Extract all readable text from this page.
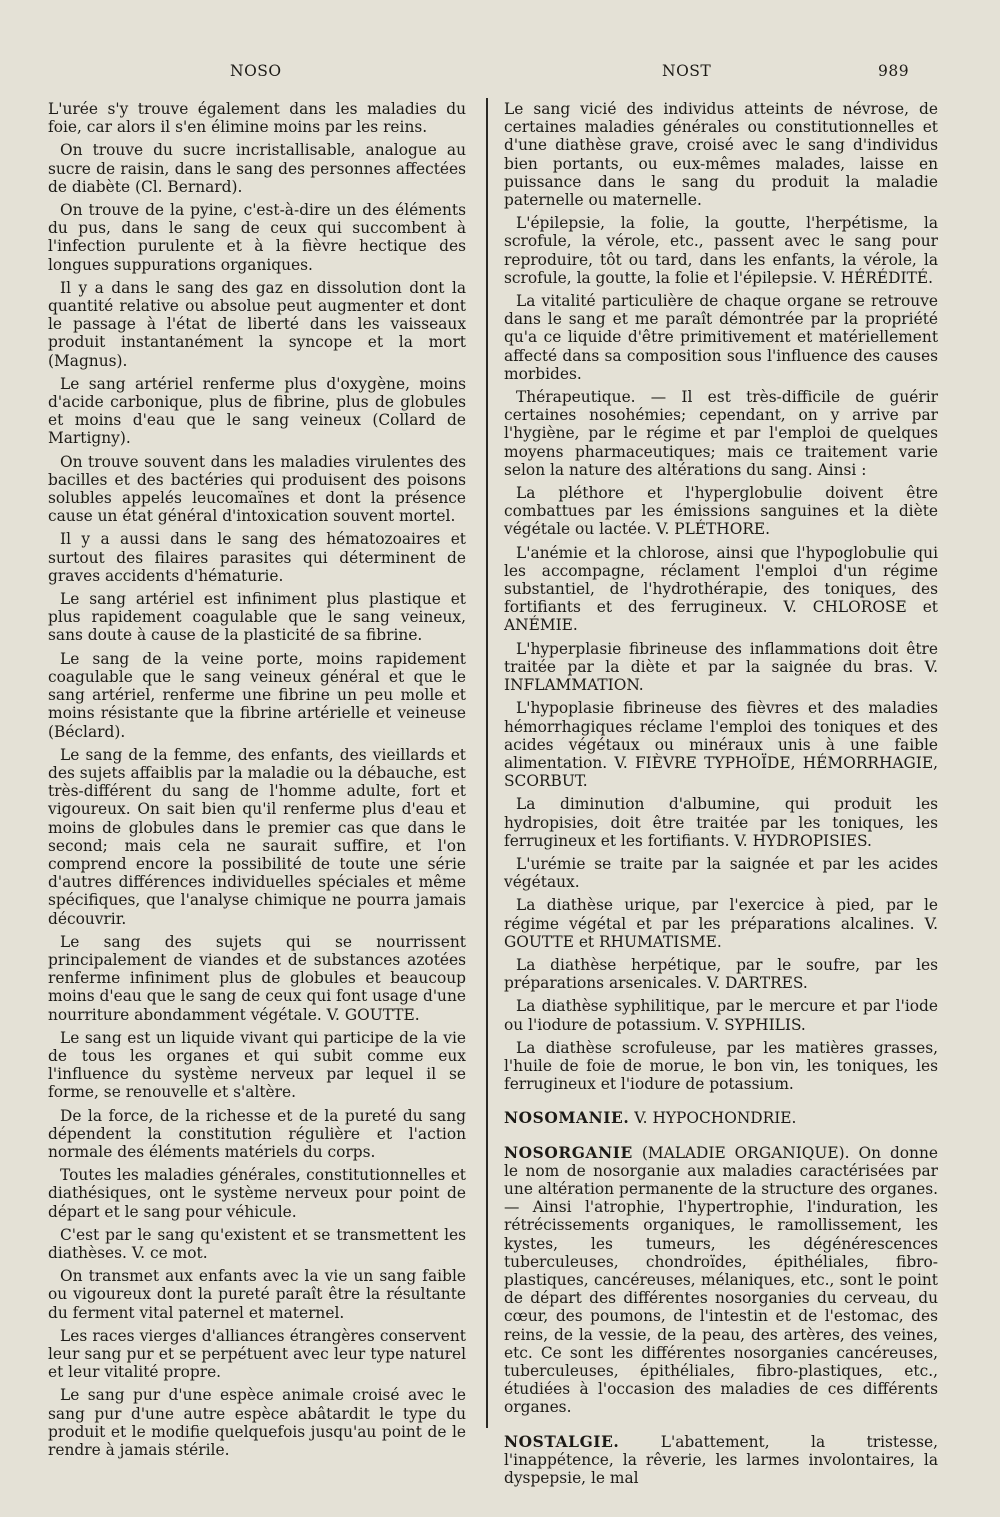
NOSO	NOST	989

L'urée s'y trouve également dans les maladies du foie, car alors il s'en élimine moins par les reins.

On trouve du sucre incristallisable, analogue au sucre de raisin, dans le sang des personnes affectées de diabète (Cl. Bernard).

On trouve de la pyine, c'est-à-dire un des éléments du pus, dans le sang de ceux qui succombent à l'infection purulente et à la fièvre hectique des longues suppurations organiques.

Il y a dans le sang des gaz en dissolution dont la quantité relative ou absolue peut augmenter et dont le passage à l'état de liberté dans les vaisseaux produit instantanément la syncope et la mort (Magnus).

Le sang artériel renferme plus d'oxygène, moins d'acide carbonique, plus de fibrine, plus de globules et moins d'eau que le sang veineux (Collard de Martigny).

On trouve souvent dans les maladies virulentes des bacilles et des bactéries qui produisent des poisons solubles appelés leucomaïnes et dont la présence cause un état général d'intoxication souvent mortel.

Il y a aussi dans le sang des hématozoaires et surtout des filaires parasites qui déterminent de graves accidents d'hématurie.

Le sang artériel est infiniment plus plastique et plus rapidement coagulable que le sang veineux, sans doute à cause de la plasticité de sa fibrine.

Le sang de la veine porte, moins rapidement coagulable que le sang veineux général et que le sang artériel, renferme une fibrine un peu molle et moins résistante que la fibrine artérielle et veineuse (Béclard).

Le sang de la femme, des enfants, des vieillards et des sujets affaiblis par la maladie ou la débauche, est très-différent du sang de l'homme adulte, fort et vigoureux. On sait bien qu'il renferme plus d'eau et moins de globules dans le premier cas que dans le second; mais cela ne saurait suffire, et l'on comprend encore la possibilité de toute une série d'autres différences individuelles spéciales et même spécifiques, que l'analyse chimique ne pourra jamais découvrir.

Le sang des sujets qui se nourrissent principalement de viandes et de substances azotées renferme infiniment plus de globules et beaucoup moins d'eau que le sang de ceux qui font usage d'une nourriture abondamment végétale. V. GOUTTE.

Le sang est un liquide vivant qui participe de la vie de tous les organes et qui subit comme eux l'influence du système nerveux par lequel il se forme, se renouvelle et s'altère.

De la force, de la richesse et de la pureté du sang dépendent la constitution régulière et l'action normale des éléments matériels du corps.

Toutes les maladies générales, constitutionnelles et diathésiques, ont le système nerveux pour point de départ et le sang pour véhicule.

C'est par le sang qu'existent et se transmettent les diathèses. V. ce mot.

On transmet aux enfants avec la vie un sang faible ou vigoureux dont la pureté paraît être la résultante du ferment vital paternel et maternel.

Les races vierges d'alliances étrangères conservent leur sang pur et se perpétuent avec leur type naturel et leur vitalité propre.

Le sang pur d'une espèce animale croisé avec le sang pur d'une autre espèce abâtardit le type du produit et le modifie quelquefois jusqu'au point de le rendre à jamais stérile.

Le sang vicié des individus atteints de névrose, de certaines maladies générales ou constitutionnelles et d'une diathèse grave, croisé avec le sang d'individus bien portants, ou eux-mêmes malades, laisse en puissance dans le sang du produit la maladie paternelle ou maternelle.

L'épilepsie, la folie, la goutte, l'herpétisme, la scrofule, la vérole, etc., passent avec le sang pour reproduire, tôt ou tard, dans les enfants, la vérole, la scrofule, la goutte, la folie et l'épilepsie. V. HÉRÉDITÉ.

La vitalité particulière de chaque organe se retrouve dans le sang et me paraît démontrée par la propriété qu'a ce liquide d'être primitivement et matériellement affecté dans sa composition sous l'influence des causes morbides.

Thérapeutique. — Il est très-difficile de guérir certaines nosohémies; cependant, on y arrive par l'hygiène, par le régime et par l'emploi de quelques moyens pharmaceutiques; mais ce traitement varie selon la nature des altérations du sang. Ainsi :

La pléthore et l'hyperglobulie doivent être combattues par les émissions sanguines et la diète végétale ou lactée. V. PLÉTHORE.

L'anémie et la chlorose, ainsi que l'hypoglobulie qui les accompagne, réclament l'emploi d'un régime substantiel, de l'hydrothérapie, des toniques, des fortifiants et des ferrugineux. V. CHLOROSE et ANÉMIE.

L'hyperplasie fibrineuse des inflammations doit être traitée par la diète et par la saignée du bras. V. INFLAMMATION.

L'hypoplasie fibrineuse des fièvres et des maladies hémorrhagiques réclame l'emploi des toniques et des acides végétaux ou minéraux unis à une faible alimentation. V. FIÈVRE TYPHOÏDE, HÉMORRHAGIE, SCORBUT.

La diminution d'albumine, qui produit les hydropisies, doit être traitée par les toniques, les ferrugineux et les fortifiants. V. HYDROPISIES.

L'urémie se traite par la saignée et par les acides végétaux.

La diathèse urique, par l'exercice à pied, par le régime végétal et par les préparations alcalines. V. GOUTTE et RHUMATISME.

La diathèse herpétique, par le soufre, par les préparations arsenicales. V. DARTRES.

La diathèse syphilitique, par le mercure et par l'iode ou l'iodure de potassium. V. SYPHILIS.

La diathèse scrofuleuse, par les matières grasses, l'huile de foie de morue, le bon vin, les toniques, les ferrugineux et l'iodure de potassium.

NOSOMANIE. V. HYPOCHONDRIE.

NOSORGANIE (MALADIE ORGANIQUE). On donne le nom de nosorganie aux maladies caractérisées par une altération permanente de la structure des organes. — Ainsi l'atrophie, l'hypertrophie, l'induration, les rétrécissements organiques, le ramollissement, les kystes, les tumeurs, les dégénérescences tuberculeuses, chondroïdes, épithéliales, fibro-plastiques, cancéreuses, mélaniques, etc., sont le point de départ des différentes nosorganies du cerveau, du cœur, des poumons, de l'intestin et de l'estomac, des reins, de la vessie, de la peau, des artères, des veines, etc. Ce sont les différentes nosorganies cancéreuses, tuberculeuses, épithéliales, fibro-plastiques, etc., étudiées à l'occasion des maladies de ces différents organes.

NOSTALGIE. L'abattement, la tristesse, l'inappétence, la rêverie, les larmes involontaires, la dyspepsie, le mal
